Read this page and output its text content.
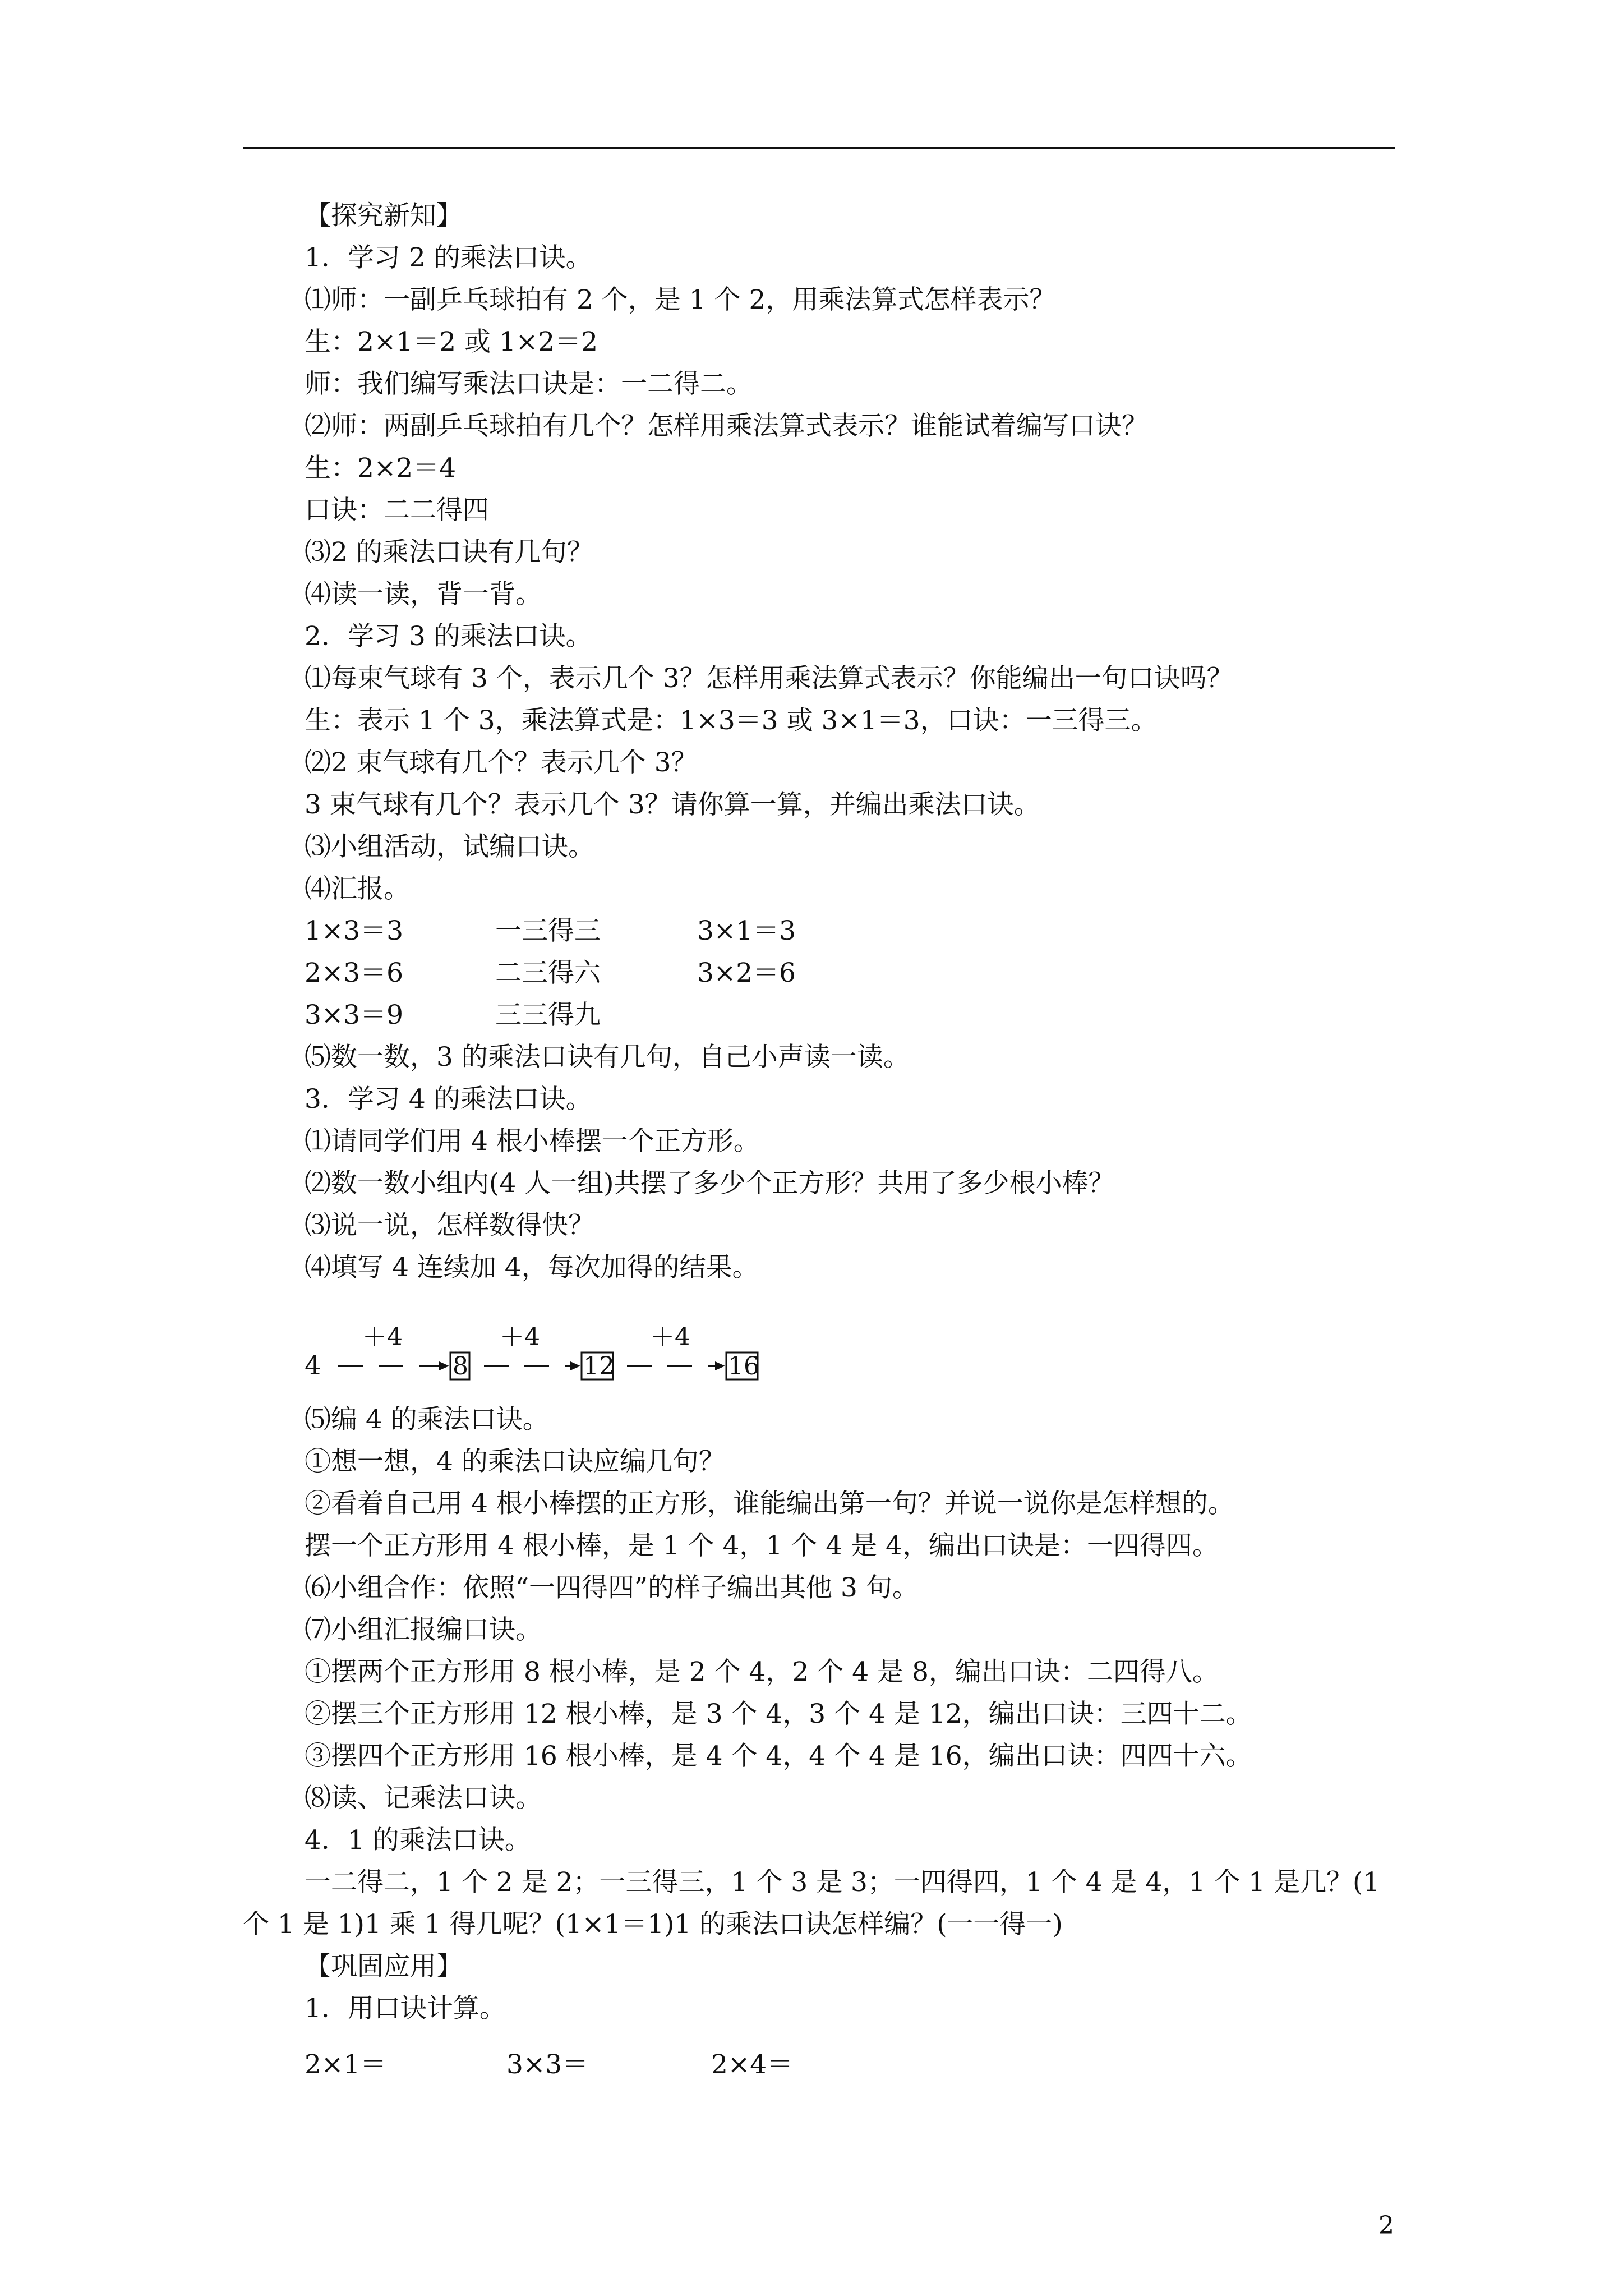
【探究新知】
1．学习 2 的乘法口诀。
⑴师：一副乒乓球拍有 2 个，是 1 个 2，用乘法算式怎样表示？
生：2×1＝2 或 1×2＝2
师：我们编写乘法口诀是：一二得二。
⑵师：两副乒乓球拍有几个？怎样用乘法算式表示？谁能试着编写口诀？
生：2×2＝4
口诀：二二得四
⑶2 的乘法口诀有几句？
⑷读一读，背一背。
2．学习 3 的乘法口诀。
⑴每束气球有 3 个，表示几个 3？怎样用乘法算式表示？你能编出一句口诀吗？
生：表示 1 个 3，乘法算式是：1×3＝3 或 3×1＝3，口诀：一三得三。
⑵2 束气球有几个？表示几个 3？
3 束气球有几个？表示几个 3？请你算一算，并编出乘法口诀。
⑶小组活动，试编口诀。
⑷汇报。
1×3＝3	一三得三	3×1＝3
2×3＝6	二三得六	3×2＝6
3×3＝9	三三得九
⑸数一数，3 的乘法口诀有几句，自己小声读一读。
3．学习 4 的乘法口诀。
⑴请同学们用 4 根小棒摆一个正方形。
⑵数一数小组内(4 人一组)共摆了多少个正方形？共用了多少根小棒？
⑶说一说，怎样数得快？
⑷填写 4 连续加 4，每次加得的结果。
4
＋4
8
＋4
12
＋4
16
⑸编 4 的乘法口诀。
①想一想，4 的乘法口诀应编几句？
②看着自己用 4 根小棒摆的正方形，谁能编出第一句？并说一说你是怎样想的。
摆一个正方形用 4 根小棒，是 1 个 4，1 个 4 是 4，编出口诀是：一四得四。
⑹小组合作：依照“一四得四”的样子编出其他 3 句。
⑺小组汇报编口诀。
①摆两个正方形用 8 根小棒，是 2 个 4，2 个 4 是 8，编出口诀：二四得八。
②摆三个正方形用 12 根小棒，是 3 个 4，3 个 4 是 12，编出口诀：三四十二。
③摆四个正方形用 16 根小棒，是 4 个 4，4 个 4 是 16，编出口诀：四四十六。
⑻读、记乘法口诀。
4．1 的乘法口诀。
一二得二，1 个 2 是 2；一三得三，1 个 3 是 3；一四得四，1 个 4 是 4，1 个 1 是几？(1
个 1 是 1)1 乘 1 得几呢？(1×1＝1)1 的乘法口诀怎样编？(一一得一)
【巩固应用】
1．用口诀计算。
2×1＝	3×3＝	2×4＝
2
